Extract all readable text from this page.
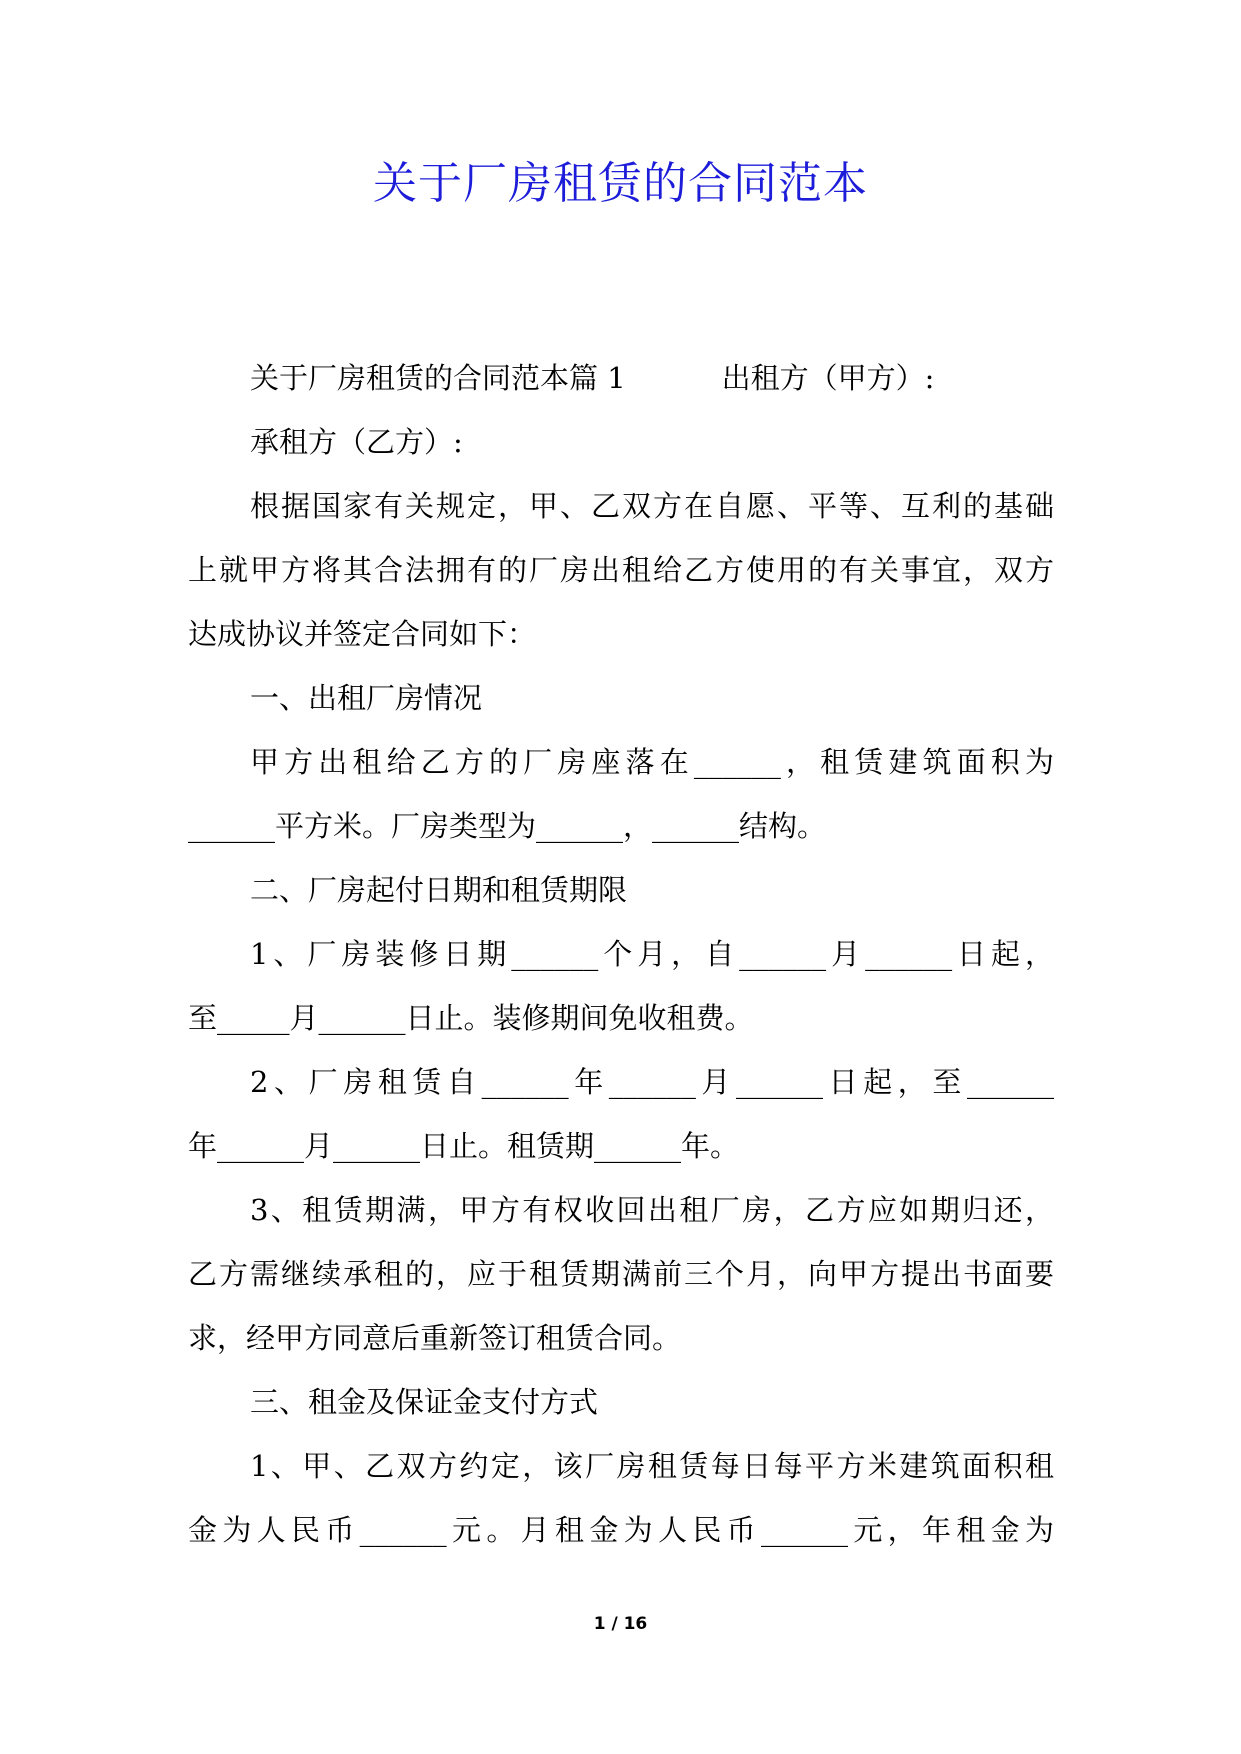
关于厂房租赁的合同范本
关于厂房租赁的合同范本篇 1	出租方（甲方）:
承租方（乙方）:
根据国家有关规定，甲、乙双方在自愿、平等、互利的基础
上就甲方将其合法拥有的厂房出租给乙方使用的有关事宜，双方
达成协议并签定合同如下：
一、出租厂房情况
甲方出租给乙方的厂房座落在______，租赁建筑面积为
______平方米。厂房类型为______，______结构。
二、厂房起付日期和租赁期限
1、厂房装修日期______个月，自______月______日起，
至_____月______日止。装修期间免收租费。
2、厂房租赁自______年______月______日起，至______
年______月______日止。租赁期______年。
3、租赁期满，甲方有权收回出租厂房，乙方应如期归还，
乙方需继续承租的，应于租赁期满前三个月，向甲方提出书面要
求，经甲方同意后重新签订租赁合同。
三、租金及保证金支付方式
1、甲、乙双方约定，该厂房租赁每日每平方米建筑面积租
金为人民币______元。月租金为人民币______元，年租金为
1 / 16
